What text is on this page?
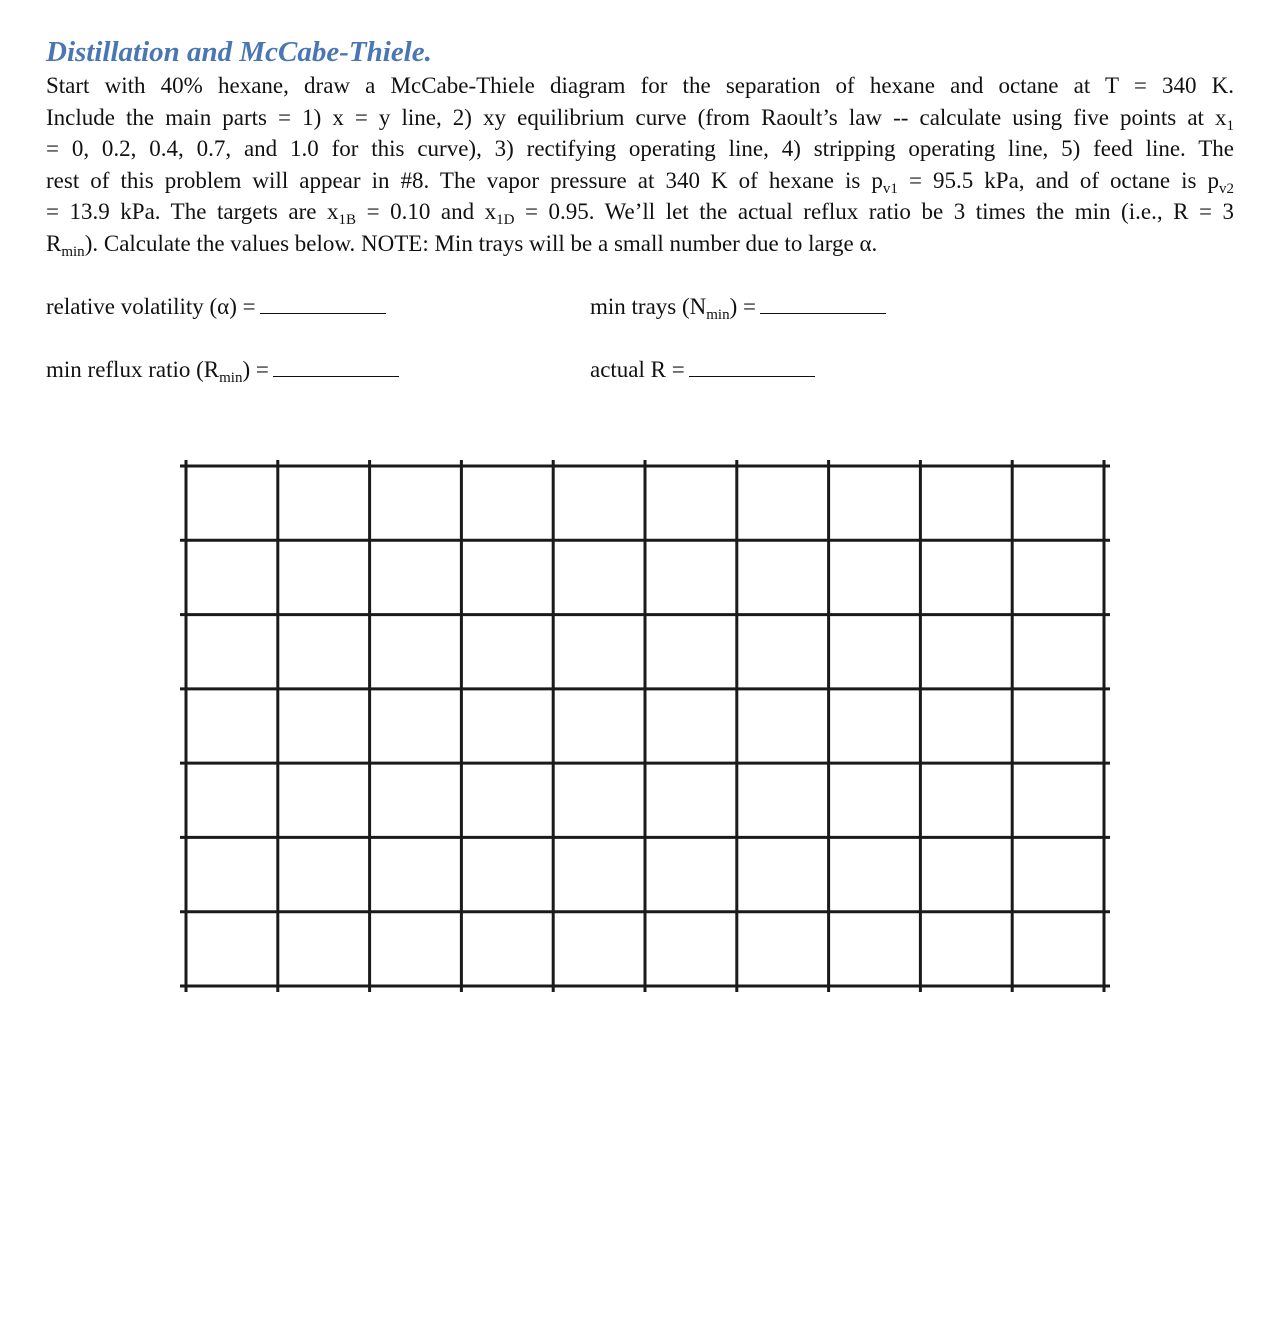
Distillation and McCabe-Thiele.
Start with 40% hexane, draw a McCabe-Thiele diagram for the separation of hexane and octane at T = 340 K.
Include the main parts = 1) x = y line, 2) xy equilibrium curve (from Raoult’s law -- calculate using five points at $x_1$
= 0, 0.2, 0.4, 0.7, and 1.0 for this curve), 3) rectifying operating line, 4) stripping operating line, 5) feed line. The
rest of this problem will appear in #8. The vapor pressure at 340 K of hexane is $p_{v1} = 95.5$ kPa, and of octane is $p_{v2}$
= 13.9 kPa. The targets are $x_{1B} = 0.10$ and $x_{1D} = 0.95$. We’ll let the actual reflux ratio be 3 times the min (i.e., R = 3
$R_{min}$). Calculate the values below. NOTE: Min trays will be a small number due to large α.
relative volatility (α) =	min trays $(N_{min})$ =
min reflux ratio $(R_{min})$ =	actual R =
